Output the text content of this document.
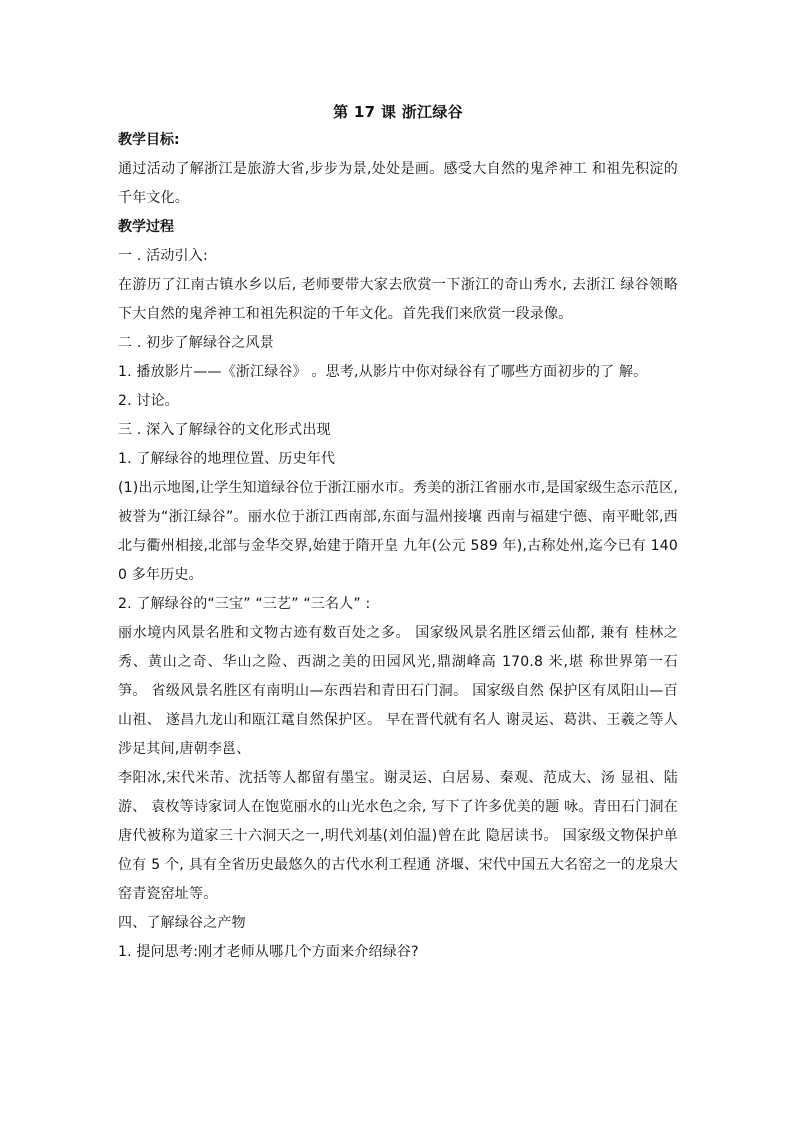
第 17 课 浙江绿谷

教学目标:

通过活动了解浙江是旅游大省,步步为景,处处是画。感受大自然的鬼斧神工 和祖先积淀的千年文化。

教学过程

一 . 活动引入:

在游历了江南古镇水乡以后, 老师要带大家去欣赏一下浙江的奇山秀水, 去浙江 绿谷领略下大自然的鬼斧神工和祖先积淀的千年文化。首先我们来欣赏一段录像。

二 . 初步了解绿谷之风景

1. 播放影片——《浙江绿谷》 。思考,从影片中你对绿谷有了哪些方面初步的了 解。

2. 讨论。

三 . 深入了解绿谷的文化形式出现

1. 了解绿谷的地理位置、历史年代

(1)出示地图,让学生知道绿谷位于浙江丽水市。秀美的浙江省丽水市,是国家级生态示范区,被誉为“浙江绿谷”。丽水位于浙江西南部,东面与温州接壤 西南与福建宁德、南平毗邻,西北与衢州相接,北部与金华交界,始建于隋开皇 九年(公元 589 年),古称处州,迄今已有 1400 多年历史。

2. 了解绿谷的“三宝” “三艺” “三名人” :

丽水境内风景名胜和文物古迹有数百处之多。 国家级风景名胜区缙云仙都, 兼有 桂林之秀、黄山之奇、华山之险、西湖之美的田园风光,鼎湖峰高 170.8 米,堪 称世界第一石笋。 省级风景名胜区有南明山—东西岩和青田石门洞。 国家级自然 保护区有凤阳山—百山祖、 遂昌九龙山和瓯江鼋自然保护区。 早在晋代就有名人 谢灵运、葛洪、王羲之等人涉足其间,唐朝李邕、

李阳冰,宋代米芾、沈括等人都留有墨宝。谢灵运、白居易、秦观、范成大、汤 显祖、陆游、 袁枚等诗家词人在饱览丽水的山光水色之余, 写下了许多优美的题 咏。青田石门洞在唐代被称为道家三十六洞天之一,明代刘基(刘伯温)曾在此 隐居读书。 国家级文物保护单位有 5 个, 具有全省历史最悠久的古代水利工程通 济堰、宋代中国五大名窑之一的龙泉大窑青瓷窑址等。

四、了解绿谷之产物

1. 提问思考:刚才老师从哪几个方面来介绍绿谷?
